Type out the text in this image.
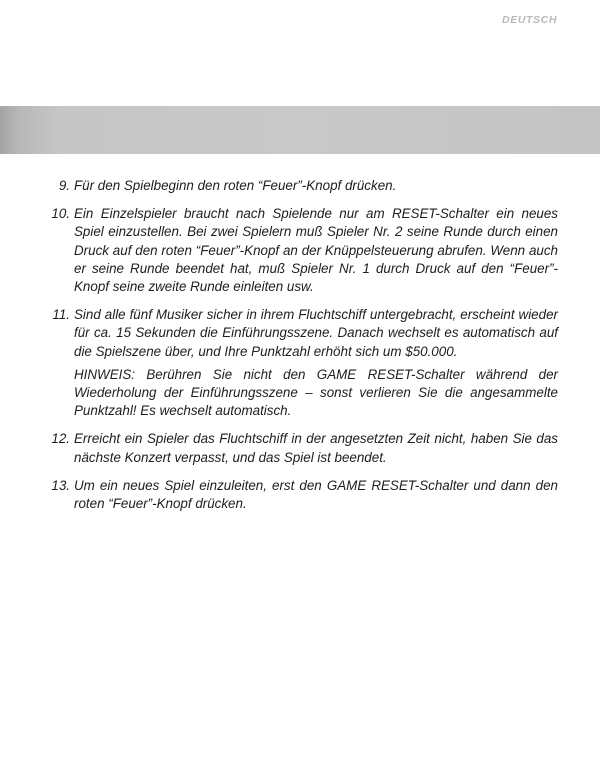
DEUTSCH
9. Für den Spielbeginn den roten “Feuer”-Knopf drücken.
10. Ein Einzelspieler braucht nach Spielende nur am RESET-Schalter ein neues Spiel einzustellen. Bei zwei Spielern muß Spieler Nr. 2 seine Runde durch einen Druck auf den roten “Feuer”-Knopf an der Knüppelsteuerung abrufen. Wenn auch er seine Runde beendet hat, muß Spieler Nr. 1 durch Druck auf den “Feuer”-Knopf seine zweite Runde einleiten usw.
11. Sind alle fünf Musiker sicher in ihrem Fluchtschiff untergebracht, erscheint wieder für ca. 15 Sekunden die Einführungsszene. Danach wechselt es automatisch auf die Spielszene über, und Ihre Punktzahl erhöht sich um $50.000.
HINWEIS: Berühren Sie nicht den GAME RESET-Schalter während der Wiederholung der Einführungsszene – sonst verlieren Sie die angesammelte Punktzahl! Es wechselt automatisch.
12. Erreicht ein Spieler das Fluchtschiff in der angesetzten Zeit nicht, haben Sie das nächste Konzert verpasst, und das Spiel ist beendet.
13. Um ein neues Spiel einzuleiten, erst den GAME RESET-Schalter und dann den roten “Feuer”-Knopf drücken.
